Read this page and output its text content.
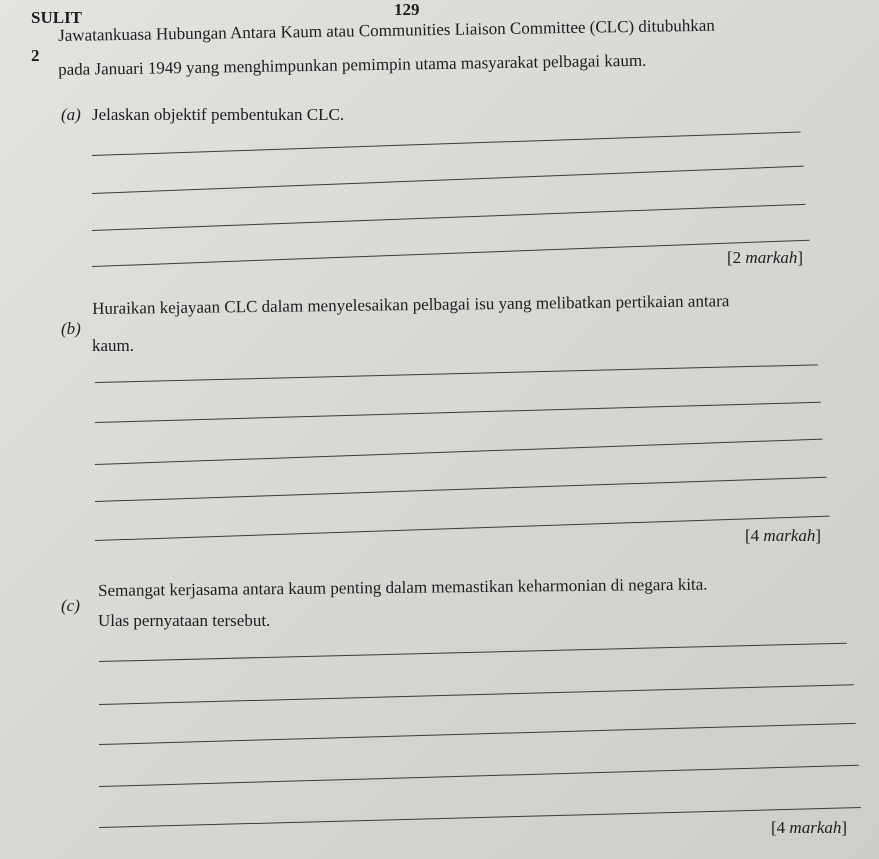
SULIT	129
2
Jawatankuasa Hubungan Antara Kaum atau Communities Liaison Committee (CLC) ditubuhkan
pada Januari 1949 yang menghimpunkan pemimpin utama masyarakat pelbagai kaum.
(a) Jelaskan objektif pembentukan CLC.
[2 markah]
(b)
Huraikan kejayaan CLC dalam menyelesaikan pelbagai isu yang melibatkan pertikaian antara
kaum.
[4 markah]
(c)
Semangat kerjasama antara kaum penting dalam memastikan keharmonian di negara kita.
Ulas pernyataan tersebut.
[4 markah]
